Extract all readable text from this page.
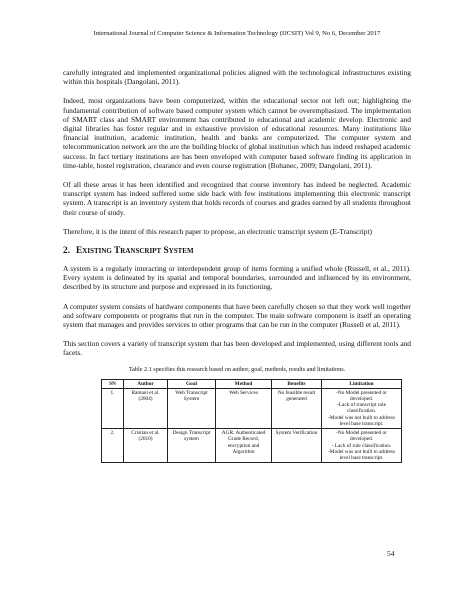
International Journal of Computer Science & Information Technology (IJCSIT) Vol 9, No 6, December 2017

carefully integrated and implemented organizational policies aligned with the technological infrastructures existing within this hospitals (Dangolani, 2011).

Indeed, most organizations have been computerized, within the educational sector not left out; highlighting the fundamental contribution of software based computer system which cannot be overemphasized. The implementation of SMART class and SMART environment has contributed to educational and academic develop. Electronic and digital libraries has foster regular and in exhaustive provision of educational resources. Many institutions like financial institution, academic institution, health and banks are computerized. The computer system and telecommunication network are the are the building blocks of global institution which has indeed reshaped academic success. In fact tertiary institutions are has been enveloped with computer based software finding its application in time-table, hostel registration, clearance and even course registration (Bohanec, 2009; Dangolani, 2011).

Of all these areas it has been identified and recognized that course inventory has indeed be neglected. Academic transcript system has indeed suffered some side back with few institutions implementing this electronic transcript system. A transcript is an inventory system that holds records of courses and grades earned by all students throughout their course of study.

Therefore, it is the intent of this research paper to propose, an electronic transcript system (E-Transcript)

2. Existing Transcript System

A system is a regularly interacting or interdependent group of items forming a unified whole (Russell, et al., 2011). Every system is delineated by its spatial and temporal boundaries, surrounded and influenced by its environment, described by its structure and purpose and expressed in its functioning.

A computer system consists of hardware components that have been carefully chosen so that they work well together and software components or programs that run in the computer. The main software component is itself an operating system that manages and provides services to other programs that can be run in the computer (Russell et al, 2011).

This section covers a variety of transcript system that has been developed and implemented, using different tools and facets.

Table 2.1 specifies this research based on author, goal, methods, results and limitations.
SN	Author	Goal	Method	Benefits	Limitation
1.	Ramani et al. (2004)	Web Transcript System	Web Services	No feasible result generated	-No Model presented or developed.
-Lack of transcript rule classification.
-Model was not built to address level base transcript.

2.	Cristian et al. (2010)	Design Transcript system	AGR: Authenticated Grade Record, encryption and Algorithm	System Verification	-No Model presented or developed.
- Lack of rule classification.
-Model was not built to address level base transcript.
54
